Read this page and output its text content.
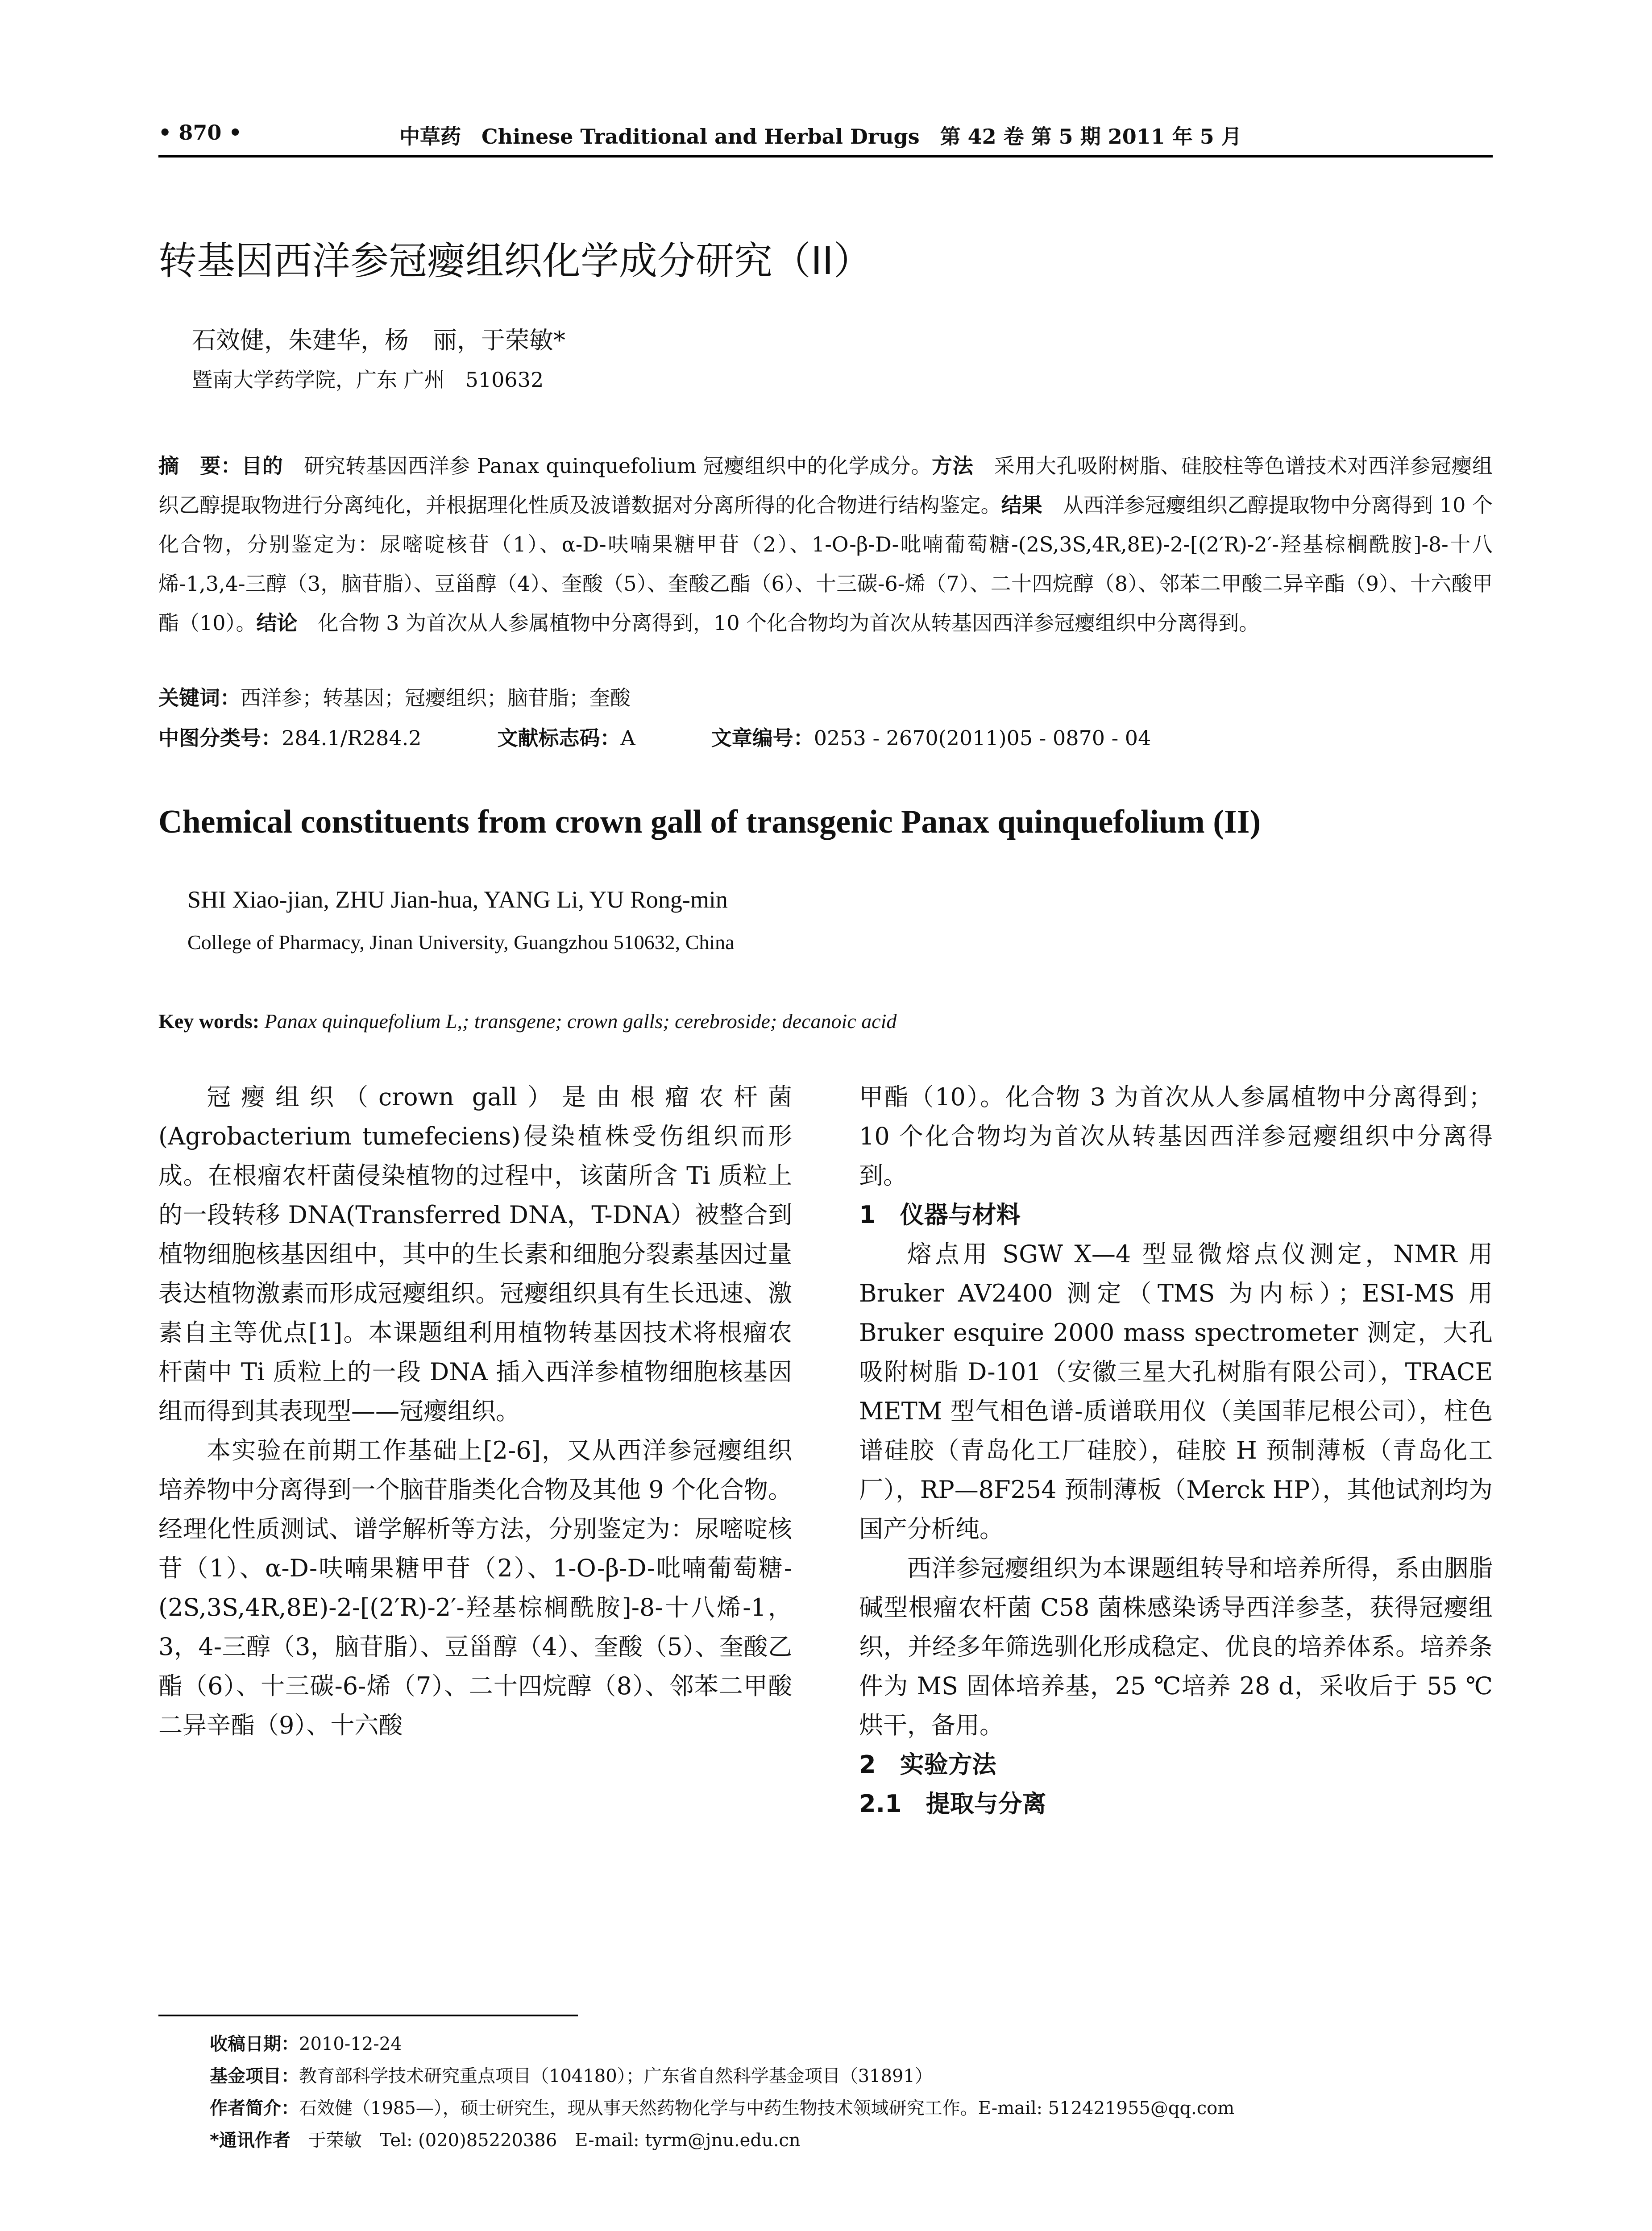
• 870 •	中草药　Chinese Traditional and Herbal Drugs　第 42 卷 第 5 期 2011 年 5 月
转基因西洋参冠瘿组织化学成分研究（II）
石效健，朱建华，杨　丽，于荣敏*
暨南大学药学院，广东 广州　510632
摘　要：目的　 研究转基因西洋参 Panax quinquefolium 冠瘿组织中的化学成分。方法　 采用大孔吸附树脂、硅胶柱等色谱技术对西洋参冠瘿组织乙醇提取物进行分离纯化，并根据理化性质及波谱数据对分离所得的化合物进行结构鉴定。结果　 从西洋参冠瘿组织乙醇提取物中分离得到 10 个化合物，分别鉴定为：尿嘧啶核苷（1）、α-D-呋喃果糖甲苷（2）、1-O-β-D-吡喃葡萄糖-(2S,3S,4R,8E)-2-[(2′R)-2′-羟基棕榈酰胺]-8-十八烯-1,3,4-三醇（3，脑苷脂）、豆甾醇（4）、奎酸（5）、奎酸乙酯（6）、十三碳-6-烯（7）、二十四烷醇（8）、邻苯二甲酸二异辛酯（9）、十六酸甲酯（10）。结论　 化合物 3 为首次从人参属植物中分离得到，10 个化合物均为首次从转基因西洋参冠瘿组织中分离得到。
关键词：西洋参；转基因；冠瘿组织；脑苷脂；奎酸
中图分类号：284.1/R284.2	文献标志码：A	文章编号：0253 - 2670(2011)05 - 0870 - 04
Chemical constituents from crown gall of transgenic Panax quinquefolium (II)
SHI Xiao-jian, ZHU Jian-hua, YANG Li, YU Rong-min
College of Pharmacy, Jinan University, Guangzhou 510632, China
Key words: Panax quinquefolium L,; transgene; crown galls; cerebroside; decanoic acid

冠瘿组织（crown gall）是由根瘤农杆菌(Agrobacterium tumefeciens)侵染植株受伤组织而形成。在根瘤农杆菌侵染植物的过程中，该菌所含 Ti 质粒上的一段转移 DNA(Transferred DNA，T-DNA）被整合到植物细胞核基因组中，其中的生长素和细胞分裂素基因过量表达植物激素而形成冠瘿组织。冠瘿组织具有生长迅速、激素自主等优点[1]。本课题组利用植物转基因技术将根瘤农杆菌中 Ti 质粒上的一段 DNA 插入西洋参植物细胞核基因组而得到其表现型——冠瘿组织。

本实验在前期工作基础上[2-6]，又从西洋参冠瘿组织培养物中分离得到一个脑苷脂类化合物及其他 9 个化合物。经理化性质测试、谱学解析等方法，分别鉴定为：尿嘧啶核苷（1）、α-D-呋喃果糖甲苷（2）、1-O-β-D-吡喃葡萄糖-(2S,3S,4R,8E)-2-[(2′R)-2′-羟基棕榈酰胺]-8-十八烯-1，3，4-三醇（3，脑苷脂）、豆甾醇（4）、奎酸（5）、奎酸乙酯（6）、十三碳-6-烯（7）、二十四烷醇（8）、邻苯二甲酸二异辛酯（9）、十六酸

甲酯（10）。化合物 3 为首次从人参属植物中分离得到；10 个化合物均为首次从转基因西洋参冠瘿组织中分离得到。

1　仪器与材料

熔点用 SGW X—4 型显微熔点仪测定，NMR 用 Bruker AV2400 测定（TMS 为内标）；ESI-MS 用 Bruker esquire 2000 mass spectrometer 测定，大孔吸附树脂 D-101（安徽三星大孔树脂有限公司），TRACE METM 型气相色谱-质谱联用仪（美国菲尼根公司），柱色谱硅胶（青岛化工厂硅胶），硅胶 H 预制薄板（青岛化工厂），RP—8F254 预制薄板（Merck HP），其他试剂均为国产分析纯。

西洋参冠瘿组织为本课题组转导和培养所得，系由胭脂碱型根瘤农杆菌 C58 菌株感染诱导西洋参茎，获得冠瘿组织，并经多年筛选驯化形成稳定、优良的培养体系。培养条件为 MS 固体培养基，25 ℃培养 28 d，采收后于 55 ℃烘干，备用。

2　实验方法

2.1　提取与分离

收稿日期：2010-12-24
基金项目：教育部科学技术研究重点项目（104180）；广东省自然科学基金项目（31891）
作者简介：石效健（1985—），硕士研究生，现从事天然药物化学与中药生物技术领域研究工作。E-mail: 512421955@qq.com
*通讯作者　 于荣敏　Tel: (020)85220386　E-mail: tyrm@jnu.edu.cn
